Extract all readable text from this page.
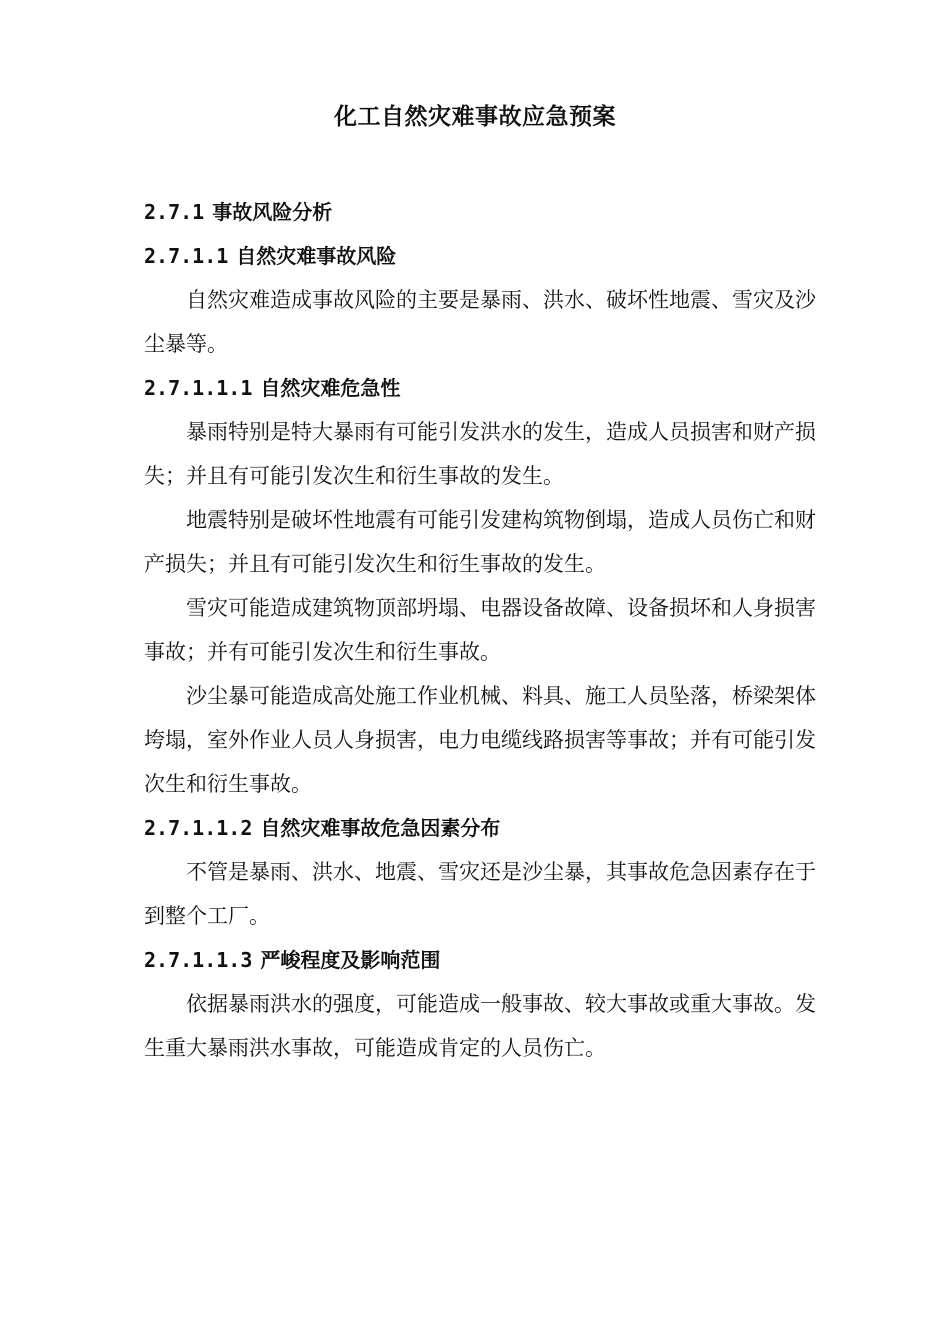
化工自然灾难事故应急预案
2.7.1 事故风险分析
2.7.1.1 自然灾难事故风险

自然灾难造成事故风险的主要是暴雨、洪水、破坏性地震、雪灾及沙尘暴等。

2.7.1.1.1 自然灾难危急性

暴雨特别是特大暴雨有可能引发洪水的发生，造成人员损害和财产损失；并且有可能引发次生和衍生事故的发生。

地震特别是破坏性地震有可能引发建构筑物倒塌，造成人员伤亡和财产损失；并且有可能引发次生和衍生事故的发生。

雪灾可能造成建筑物顶部坍塌、电器设备故障、设备损坏和人身损害事故；并有可能引发次生和衍生事故。

沙尘暴可能造成高处施工作业机械、料具、施工人员坠落，桥梁架体垮塌，室外作业人员人身损害，电力电缆线路损害等事故；并有可能引发次生和衍生事故。

2.7.1.1.2 自然灾难事故危急因素分布

不管是暴雨、洪水、地震、雪灾还是沙尘暴，其事故危急因素存在于到整个工厂。

2.7.1.1.3 严峻程度及影响范围

依据暴雨洪水的强度，可能造成一般事故、较大事故或重大事故。发生重大暴雨洪水事故，可能造成肯定的人员伤亡。
